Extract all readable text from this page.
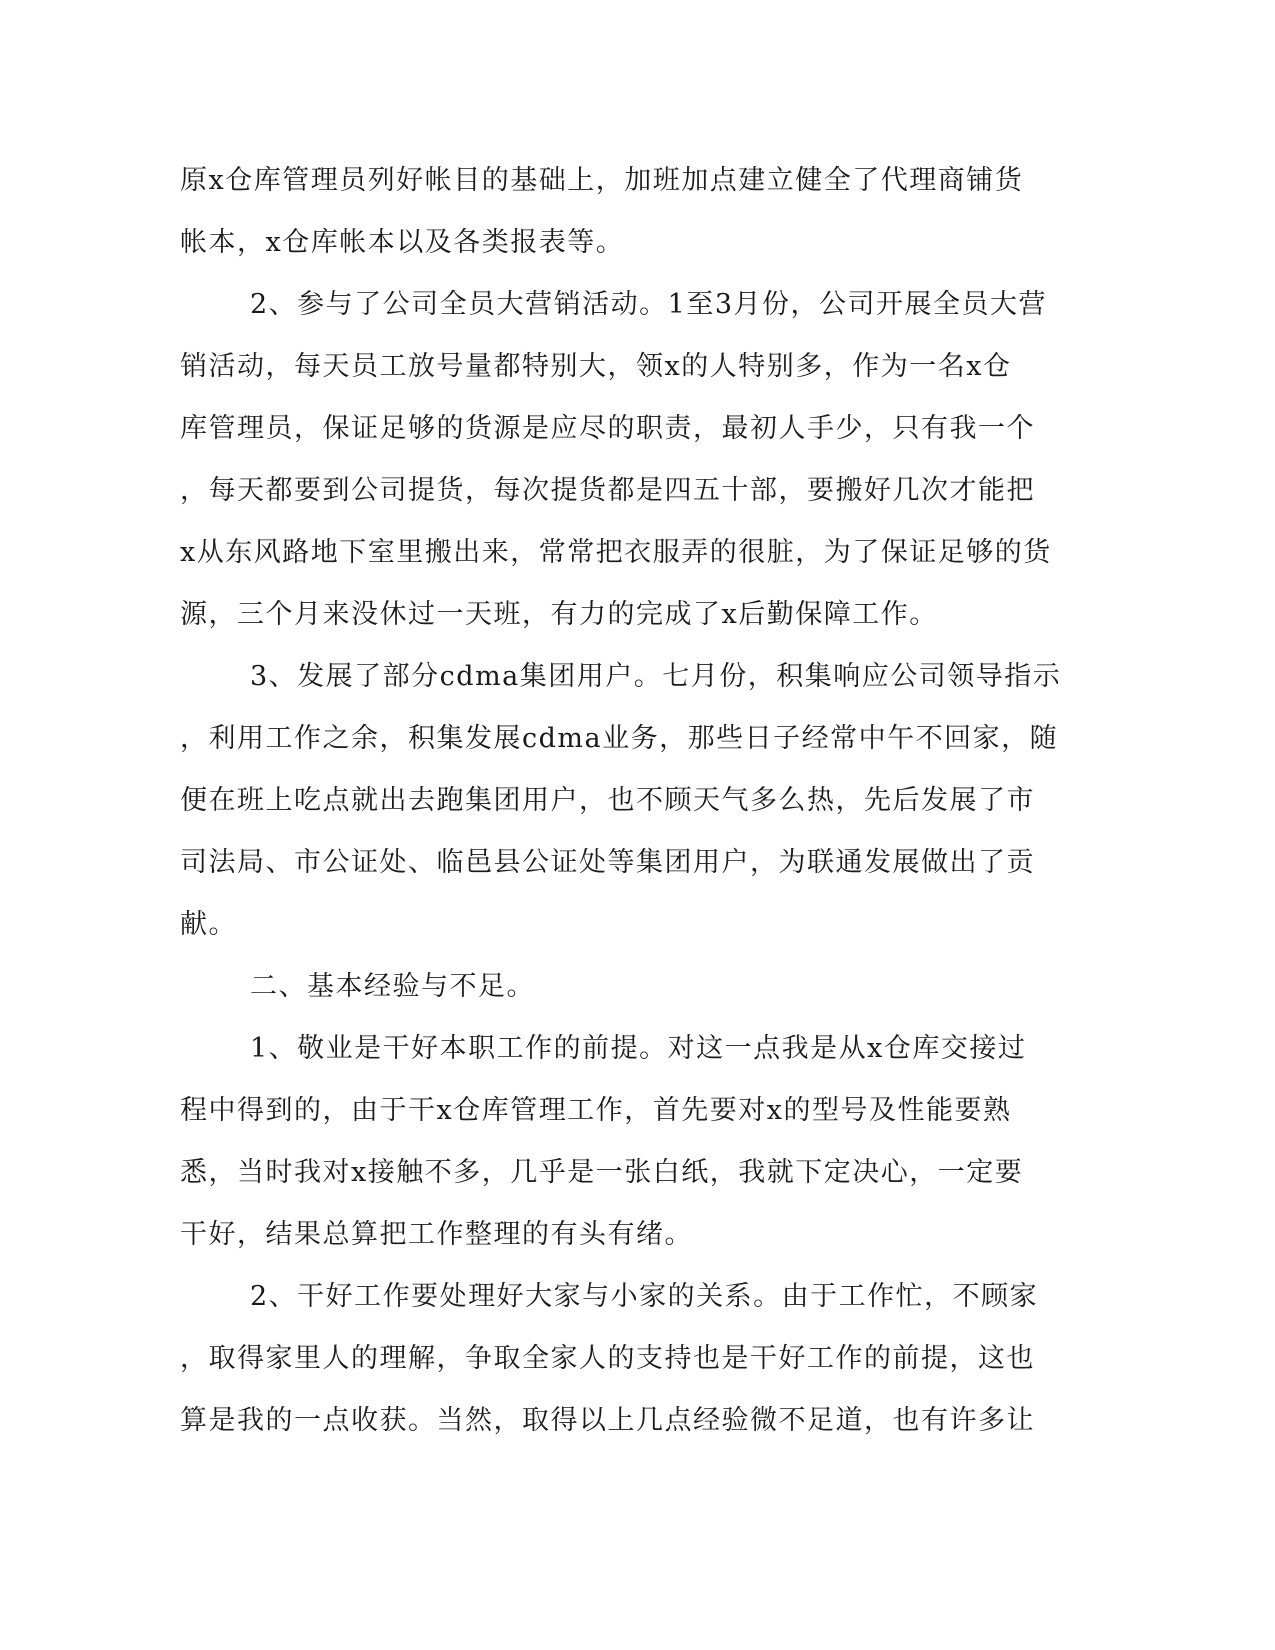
原x仓库管理员列好帐目的基础上，加班加点建立健全了代理商铺货
帐本，x仓库帐本以及各类报表等。
2、参与了公司全员大营销活动。1至3月份，公司开展全员大营
销活动，每天员工放号量都特别大，领x的人特别多，作为一名x仓
库管理员，保证足够的货源是应尽的职责，最初人手少，只有我一个
，每天都要到公司提货，每次提货都是四五十部，要搬好几次才能把
x从东风路地下室里搬出来，常常把衣服弄的很脏，为了保证足够的货
源，三个月来没休过一天班，有力的完成了x后勤保障工作。
3、发展了部分cdma集团用户。七月份，积集响应公司领导指示
，利用工作之余，积集发展cdma业务，那些日子经常中午不回家，随
便在班上吃点就出去跑集团用户，也不顾天气多么热，先后发展了市
司法局、市公证处、临邑县公证处等集团用户，为联通发展做出了贡
献。
二、基本经验与不足。
1、敬业是干好本职工作的前提。对这一点我是从x仓库交接过
程中得到的，由于干x仓库管理工作，首先要对x的型号及性能要熟
悉，当时我对x接触不多，几乎是一张白纸，我就下定决心，一定要
干好，结果总算把工作整理的有头有绪。
2、干好工作要处理好大家与小家的关系。由于工作忙，不顾家
，取得家里人的理解，争取全家人的支持也是干好工作的前提，这也
算是我的一点收获。当然，取得以上几点经验微不足道，也有许多让
